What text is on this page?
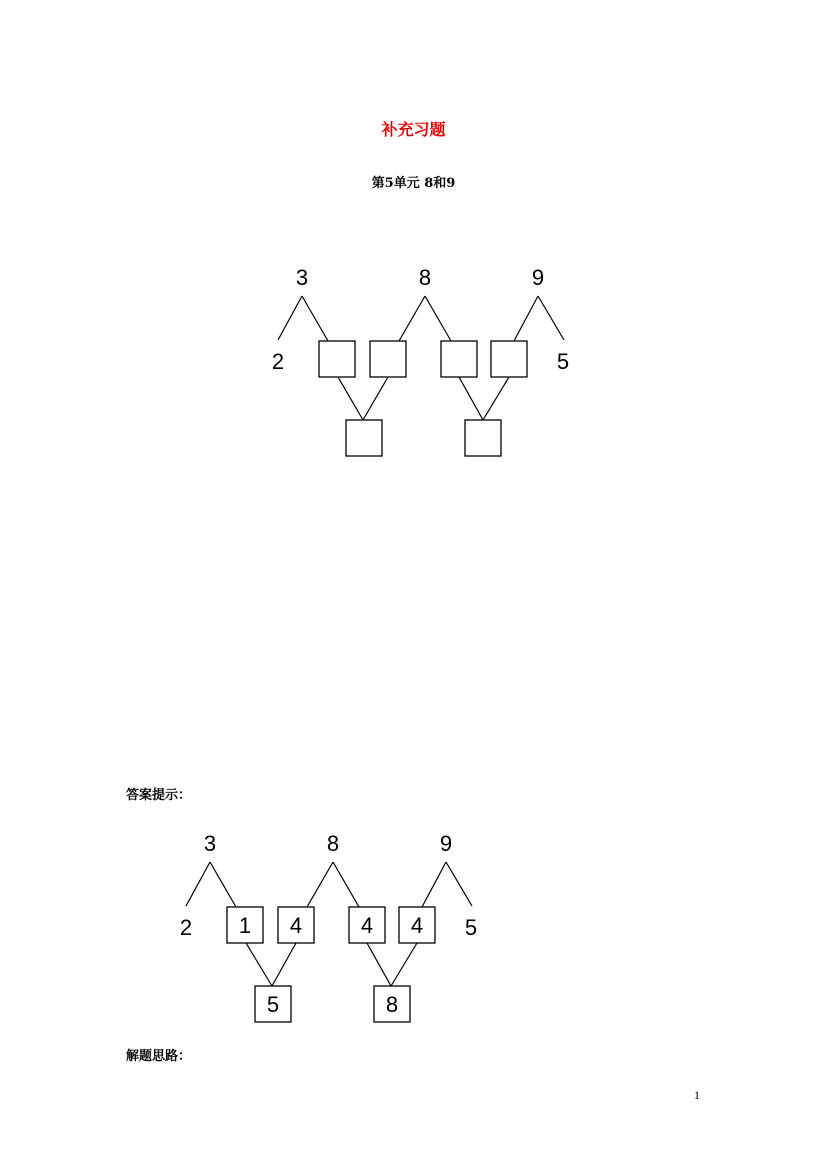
补充习题
第5单元 8和9
3	8	9
2	5
答案提示：
3	8	9
2	5
1 4	4 4
5	8
解题思路：
1
